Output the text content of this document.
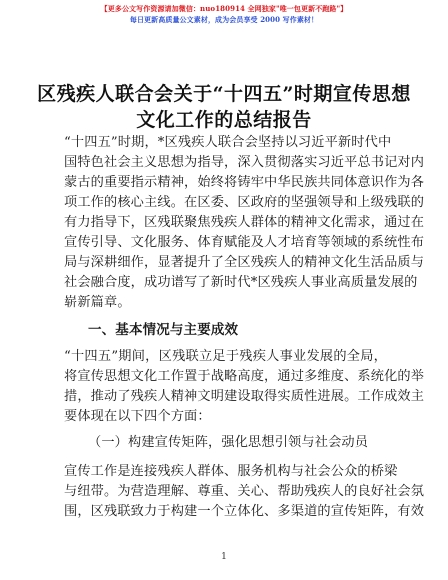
【更多公文写作资源请加微信：nuo180914 全网独家"唯一包更新不跑路"】
每日更新高质量公文素材，成为会员享受 2000 写作素材！
区残疾人联合会关于“十四五”时期宣传思想
文化工作的总结报告
“十四五”时期，*区残疾人联合会坚持以习近平新时代中
国特色社会主义思想为指导，深入贯彻落实习近平总书记对内
蒙古的重要指示精神，始终将铸牢中华民族共同体意识作为各
项工作的核心主线。在区委、区政府的坚强领导和上级残联的
有力指导下，区残联聚焦残疾人群体的精神文化需求，通过在
宣传引导、文化服务、体育赋能及人才培育等领域的系统性布
局与深耕细作，显著提升了全区残疾人的精神文化生活品质与
社会融合度，成功谱写了新时代*区残疾人事业高质量发展的
崭新篇章。
一、基本情况与主要成效
“十四五”期间，区残联立足于残疾人事业发展的全局，
将宣传思想文化工作置于战略高度，通过多维度、系统化的举
措，推动了残疾人精神文明建设取得实质性进展。工作成效主
要体现在以下四个方面：
（一）构建宣传矩阵，强化思想引领与社会动员
宣传工作是连接残疾人群体、服务机构与社会公众的桥梁
与纽带。为营造理解、尊重、关心、帮助残疾人的良好社会氛
围，区残联致力于构建一个立体化、多渠道的宣传矩阵，有效
1
